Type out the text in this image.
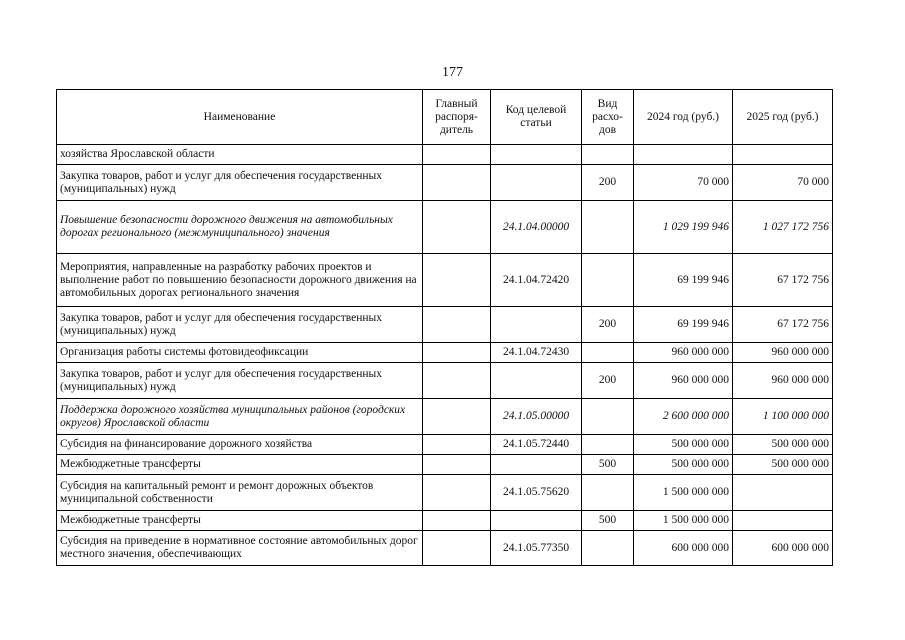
177
Наименование	Главный распоря-дитель	Код целевой статьи	Вид расхо-дов	2024 год (руб.)	2025 год (руб.)
хозяйства Ярославской области					
Закупка товаров, работ и услуг для обеспечения государственных (муниципальных) нужд			200	70 000	70 000
Повышение безопасности дорожного движения на автомобильных дорогах регионального (межмуниципального) значения		24.1.04.00000		1 029 199 946	1 027 172 756
Мероприятия, направленные на разработку рабочих проектов и выполнение работ по повышению безопасности дорожного движения на автомобильных дорогах регионального значения		24.1.04.72420		69 199 946	67 172 756
Закупка товаров, работ и услуг для обеспечения государственных (муниципальных) нужд			200	69 199 946	67 172 756
Организация работы системы фотовидеофиксации		24.1.04.72430		960 000 000	960 000 000
Закупка товаров, работ и услуг для обеспечения государственных (муниципальных) нужд			200	960 000 000	960 000 000
Поддержка дорожного хозяйства муниципальных районов (городских округов) Ярославской области		24.1.05.00000		2 600 000 000	1 100 000 000
Субсидия на финансирование дорожного хозяйства		24.1.05.72440		500 000 000	500 000 000
Межбюджетные трансферты			500	500 000 000	500 000 000
Субсидия на капитальный ремонт и ремонт дорожных объектов муниципальной собственности		24.1.05.75620		1 500 000 000	
Межбюджетные трансферты			500	1 500 000 000	
Субсидия на приведение в нормативное состояние автомобильных дорог местного значения, обеспечивающих		24.1.05.77350		600 000 000	600 000 000
